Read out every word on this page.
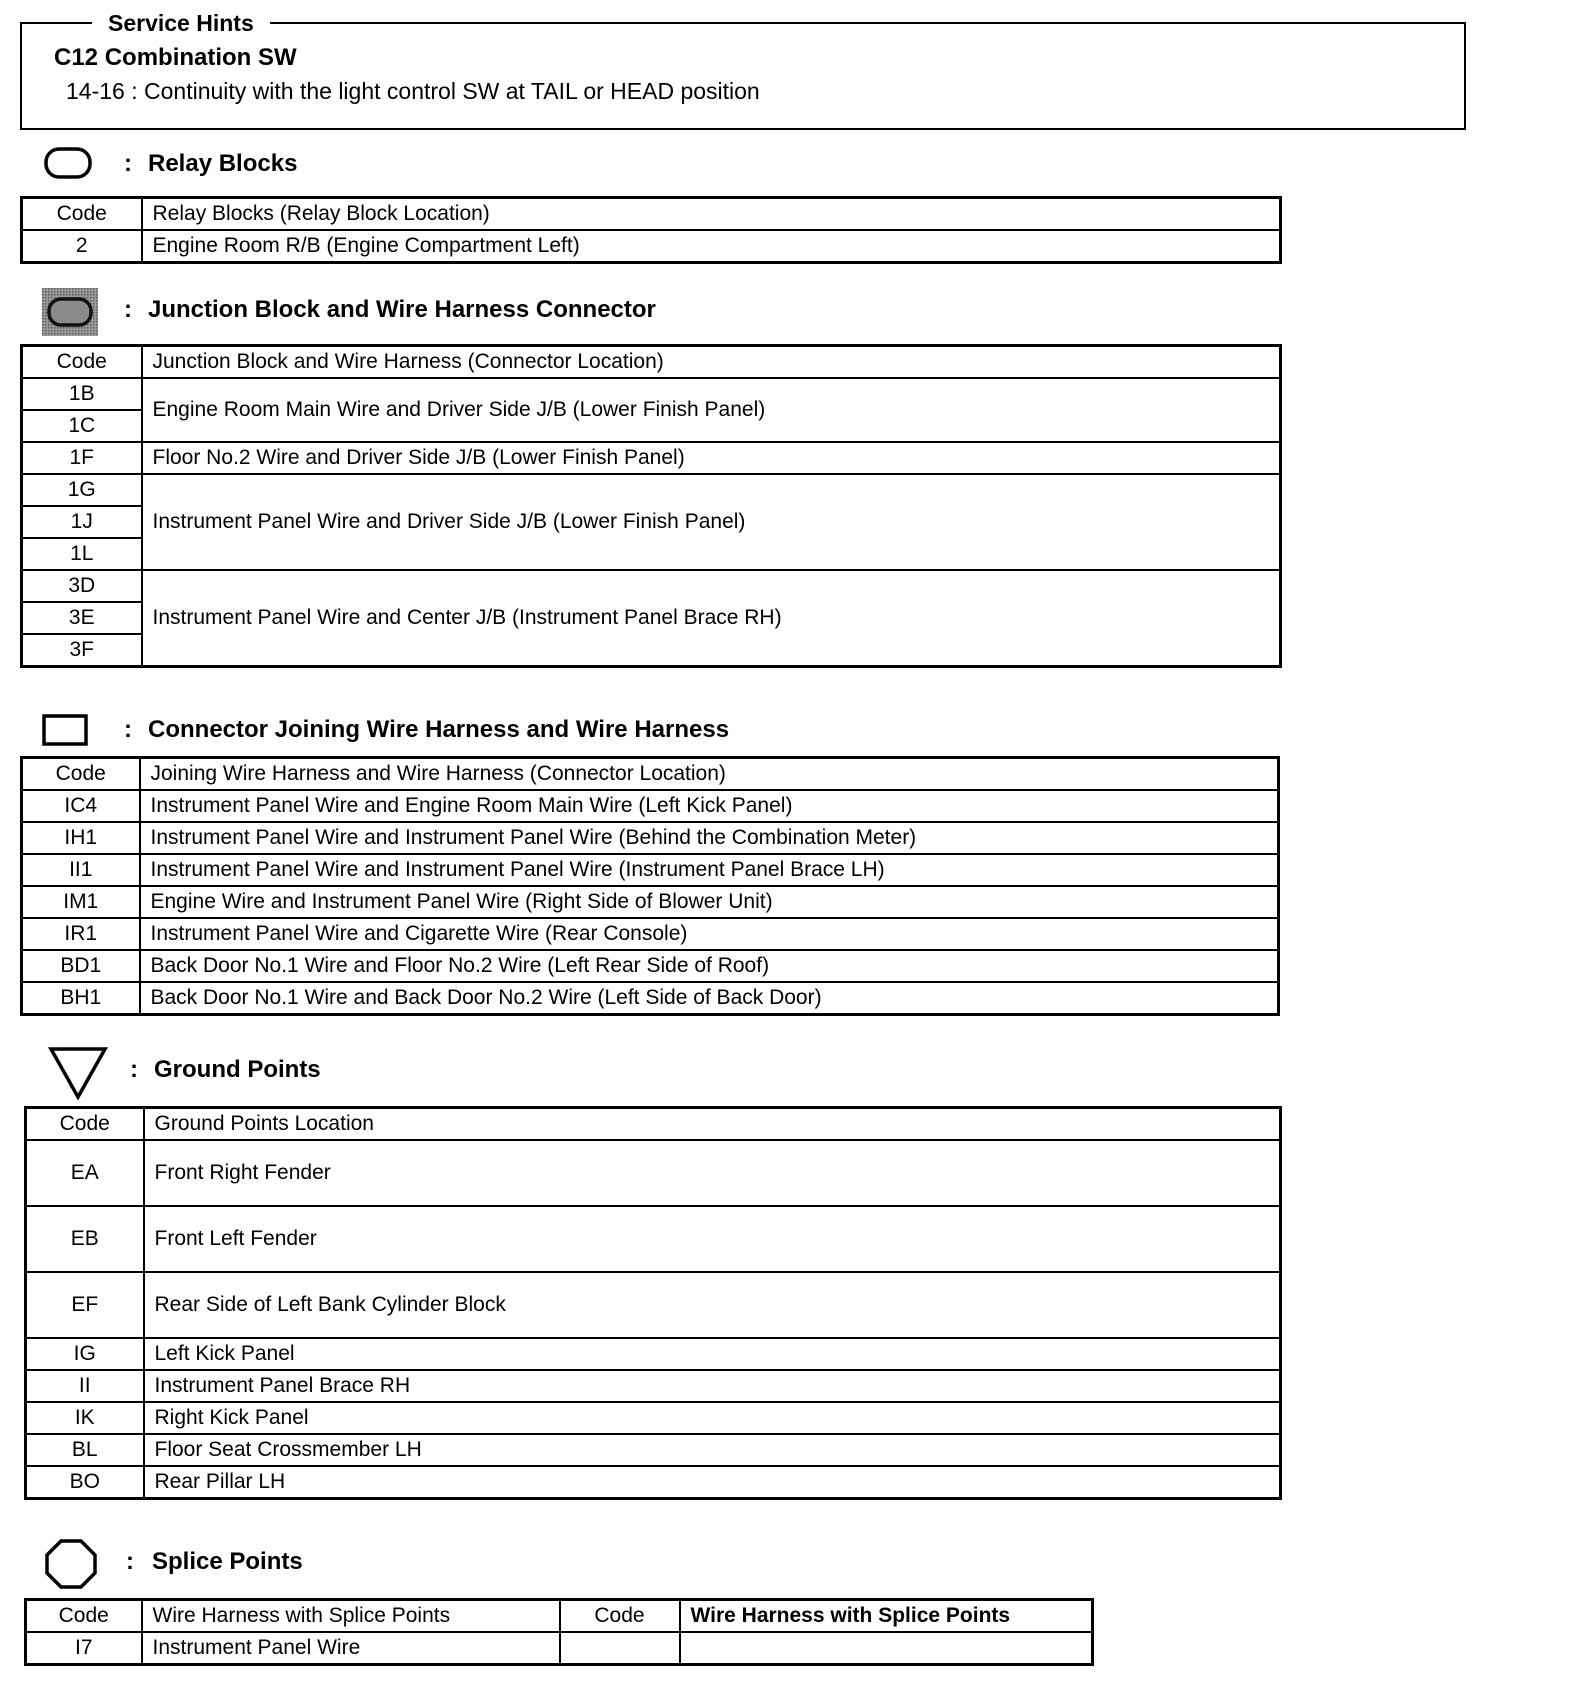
Service Hints
C12 Combination SW
14-16 : Continuity with the light control SW at TAIL or HEAD position
: Relay Blocks
Code	Relay Blocks (Relay Block Location)
2	Engine Room R/B (Engine Compartment Left)
: Junction Block and Wire Harness Connector
Code	Junction Block and Wire Harness (Connector Location)
1B	Engine Room Main Wire and Driver Side J/B (Lower Finish Panel)
1C	
1F	Floor No.2 Wire and Driver Side J/B (Lower Finish Panel)
1G	Instrument Panel Wire and Driver Side J/B (Lower Finish Panel)
1J	
1L	
3D	Instrument Panel Wire and Center J/B (Instrument Panel Brace RH)
3E	
3F	
: Connector Joining Wire Harness and Wire Harness
Code	Joining Wire Harness and Wire Harness (Connector Location)
IC4	Instrument Panel Wire and Engine Room Main Wire (Left Kick Panel)
IH1	Instrument Panel Wire and Instrument Panel Wire (Behind the Combination Meter)
II1	Instrument Panel Wire and Instrument Panel Wire (Instrument Panel Brace LH)
IM1	Engine Wire and Instrument Panel Wire (Right Side of Blower Unit)
IR1	Instrument Panel Wire and Cigarette Wire (Rear Console)
BD1	Back Door No.1 Wire and Floor No.2 Wire (Left Rear Side of Roof)
BH1	Back Door No.1 Wire and Back Door No.2 Wire (Left Side of Back Door)
: Ground Points
Code	Ground Points Location
EA	Front Right Fender
EB	Front Left Fender
EF	Rear Side of Left Bank Cylinder Block
IG	Left Kick Panel
II	Instrument Panel Brace RH
IK	Right Kick Panel
BL	Floor Seat Crossmember LH
BO	Rear Pillar LH
: Splice Points
Code	Wire Harness with Splice Points	Code	Wire Harness with Splice Points
I7	Instrument Panel Wire		
